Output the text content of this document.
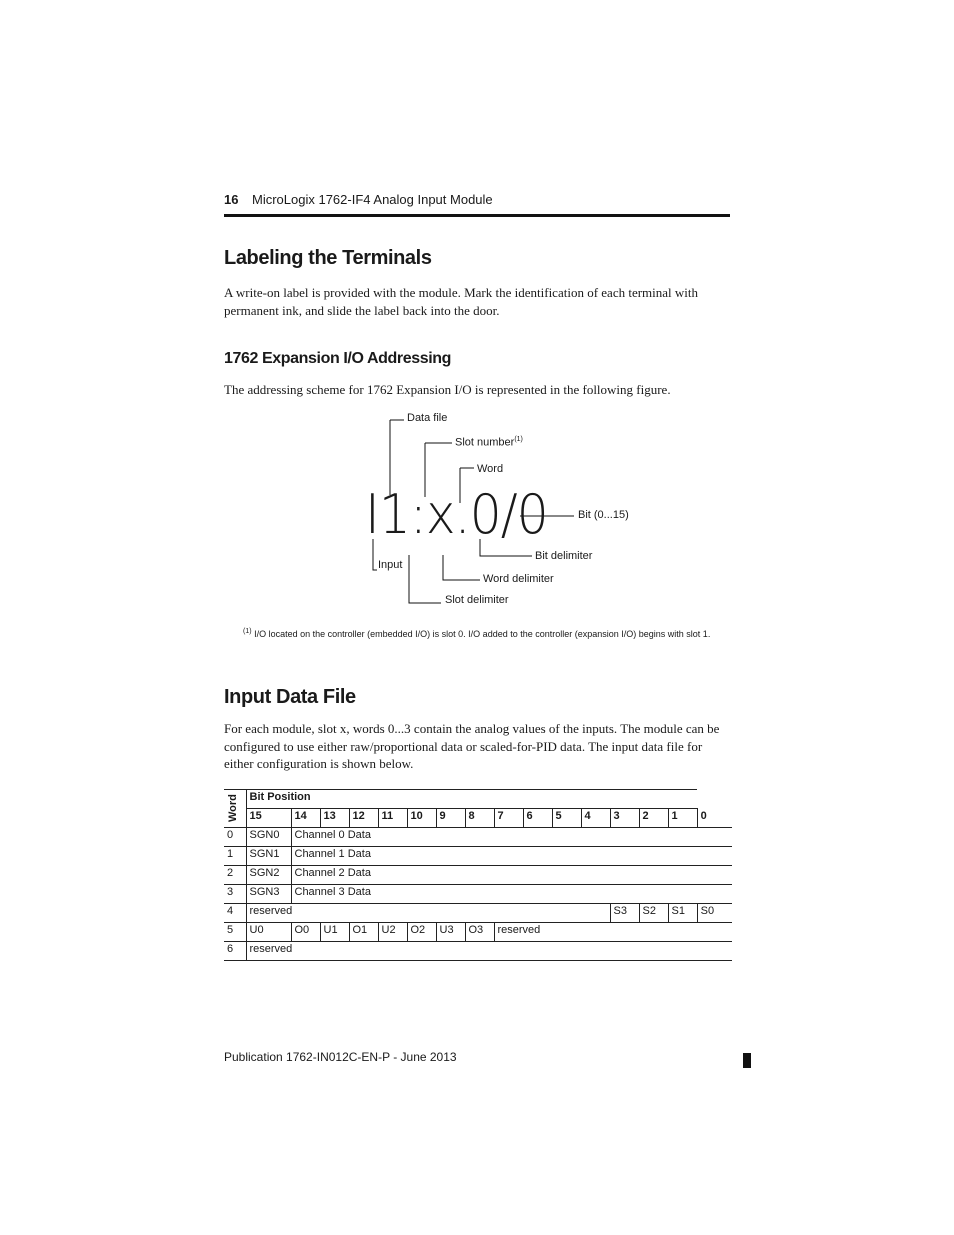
16 MicroLogix 1762-IF4 Analog Input Module
Labeling the Terminals

A write-on label is provided with the module. Mark the identification of each terminal with
permanent ink, and slide the label back into the door.

1762 Expansion I/O Addressing

The addressing scheme for 1762 Expansion I/O is represented in the following figure.

I1:x.0/0
Data file
Slot number$^{(1)}$
Word
Bit (0...15)
Bit delimiter
Input
Word delimiter
Slot delimiter
$^{(1)}$ I/O located on the controller (embedded I/O) is slot 0. I/O added to the controller (expansion I/O) begins with slot 1.
Input Data File

For each module, slot x, words 0...3 contain the analog values of the inputs. The module can be
configured to use either raw/proportional data or scaled-for-PID data. The input data file for
either configuration is shown below.

Word	Bit Position															
	15	14	13	12	11	10	9	8	7	6	5	4	3	2	1	0
0	SGN0	Channel 0 Data														
1	SGN1	Channel 1 Data														
2	SGN2	Channel 2 Data														
3	SGN3	Channel 3 Data														
4	reserved												S3	S2	S1	S0
5	U0	O0	U1	O1	U2	O2	U3	O3	reserved							
6	reserved															
Publication 1762-IN012C-EN-P - June 2013
